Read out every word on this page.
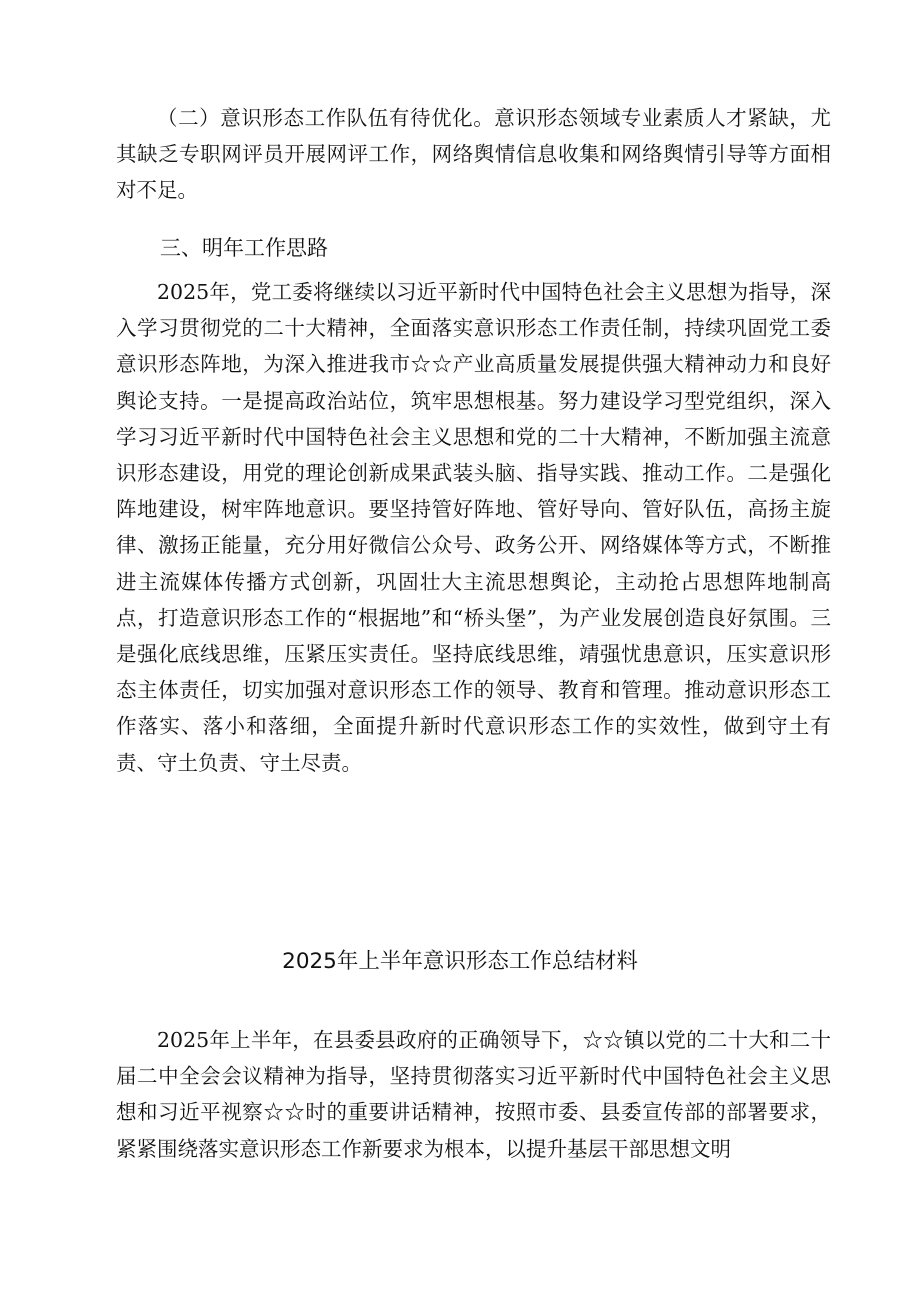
（二）意识形态工作队伍有待优化。意识形态领域专业素质人才紧缺，尤其缺乏专职网评员开展网评工作，网络舆情信息收集和网络舆情引导等方面相对不足。

三、明年工作思路

2025年，党工委将继续以习近平新时代中国特色社会主义思想为指导，深入学习贯彻党的二十大精神，全面落实意识形态工作责任制，持续巩固党工委意识形态阵地，为深入推进我市☆☆产业高质量发展提供强大精神动力和良好舆论支持。一是提高政治站位，筑牢思想根基。努力建设学习型党组织，深入学习习近平新时代中国特色社会主义思想和党的二十大精神，不断加强主流意识形态建设，用党的理论创新成果武装头脑、指导实践、推动工作。二是强化阵地建设，树牢阵地意识。要坚持管好阵地、管好导向、管好队伍，高扬主旋律、激扬正能量，充分用好微信公众号、政务公开、网络媒体等方式，不断推进主流媒体传播方式创新，巩固壮大主流思想舆论，主动抢占思想阵地制高点，打造意识形态工作的“根据地”和“桥头堡”，为产业发展创造良好氛围。三是强化底线思维，压紧压实责任。坚持底线思维，靖强忧患意识，压实意识形态主体责任，切实加强对意识形态工作的领导、教育和管理。推动意识形态工作落实、落小和落细，全面提升新时代意识形态工作的实效性，做到守土有责、守土负责、守土尽责。

2025年上半年意识形态工作总结材料

2025年上半年，在县委县政府的正确领导下，☆☆镇以党的二十大和二十届二中全会会议精神为指导，坚持贯彻落实习近平新时代中国特色社会主义思想和习近平视察☆☆时的重要讲话精神，按照市委、县委宣传部的部署要求，紧紧围绕落实意识形态工作新要求为根本，以提升基层干部思想文明
